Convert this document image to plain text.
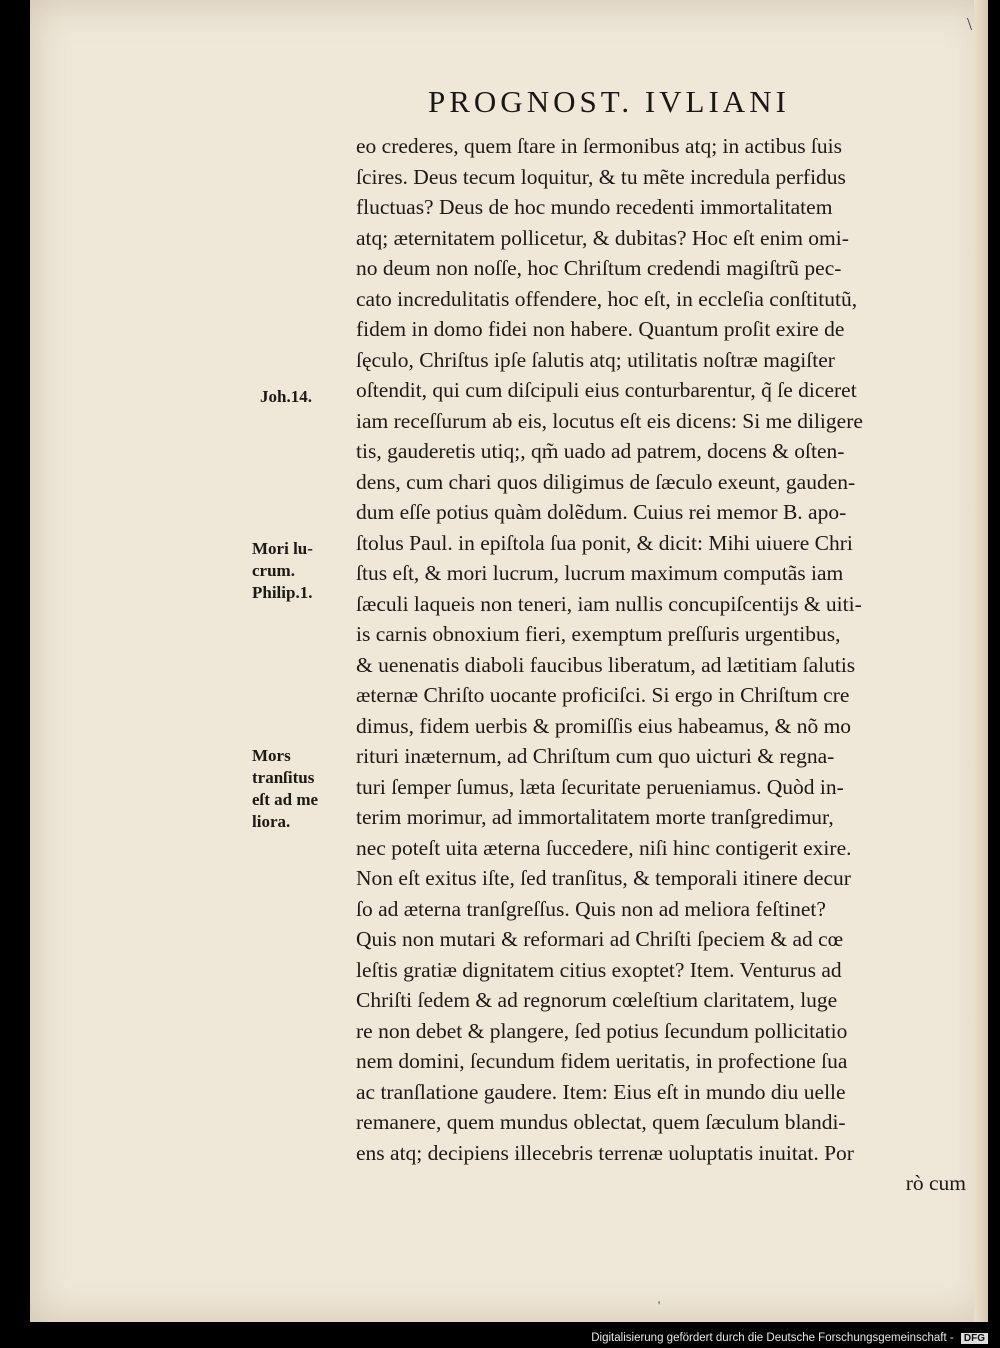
\
PROGNOST. IVLIANI
eo crederes, quem ſtare in ſermonibus atq; in actibus ſuis
ſcires. Deus tecum loquitur, & tu mẽte incredula perfidus
fluctuas? Deus de hoc mundo recedenti immortalitatem
atq; æternitatem pollicetur, & dubitas? Hoc eſt enim omi-
no deum non noſſe, hoc Chriſtum credendi magiſtrũ pec-
cato incredulitatis offendere, hoc eſt, in eccleſia conſtitutũ,
fidem in domo fidei non habere. Quantum proſit exire de
ſęculo, Chriſtus ipſe ſalutis atq; utilitatis noſtræ magiſter
oſtendit, qui cum diſcipuli eius conturbarentur, q̃ ſe diceret
iam receſſurum ab eis, locutus eſt eis dicens: Si me diligere
tis, gauderetis utiq;, qm̃ uado ad patrem, docens & oſten-
dens, cum chari quos diligimus de ſæculo exeunt, gauden-
dum eſſe potius quàm dolẽdum. Cuius rei memor B. apo-
ſtolus Paul. in epiſtola ſua ponit, & dicit: Mihi uiuere Chri
ſtus eſt, & mori lucrum, lucrum maximum computãs iam
ſæculi laqueis non teneri, iam nullis concupiſcentijs & uiti-
is carnis obnoxium fieri, exemptum preſſuris urgentibus,
& uenenatis diaboli faucibus liberatum, ad lætitiam ſalutis
æternæ Chriſto uocante proficiſci. Si ergo in Chriſtum cre
dimus, fidem uerbis & promiſſis eius habeamus, & nõ mo
rituri inæternum, ad Chriſtum cum quo uicturi & regna-
turi ſemper ſumus, læta ſecuritate perueniamus. Quòd in-
terim morimur, ad immortalitatem morte tranſgredimur,
nec poteſt uita æterna ſuccedere, niſi hinc contigerit exire.
Non eſt exitus iſte, ſed tranſitus, & temporali itinere decur
ſo ad æterna tranſgreſſus. Quis non ad meliora feſtinet?
Quis non mutari & reformari ad Chriſti ſpeciem & ad cœ
leſtis gratiæ dignitatem citius exoptet? Item. Venturus ad
Chriſti ſedem & ad regnorum cœleſtium claritatem, luge
re non debet & plangere, ſed potius ſecundum pollicitatio
nem domini, ſecundum fidem ueritatis, in profectione ſua
ac tranſlatione gaudere. Item: Eius eſt in mundo diu uelle
remanere, quem mundus oblectat, quem ſæculum blandi-
ens atq; decipiens illecebris terrenæ uoluptatis inuitat. Por
rò cum
Joh.14.
Mori lu-
crum.
Philip.1.
Mors
tranſitus
eſt ad me
liora.
'
Digitalisierung gefördert durch die Deutsche Forschungsgemeinschaft - DFG
